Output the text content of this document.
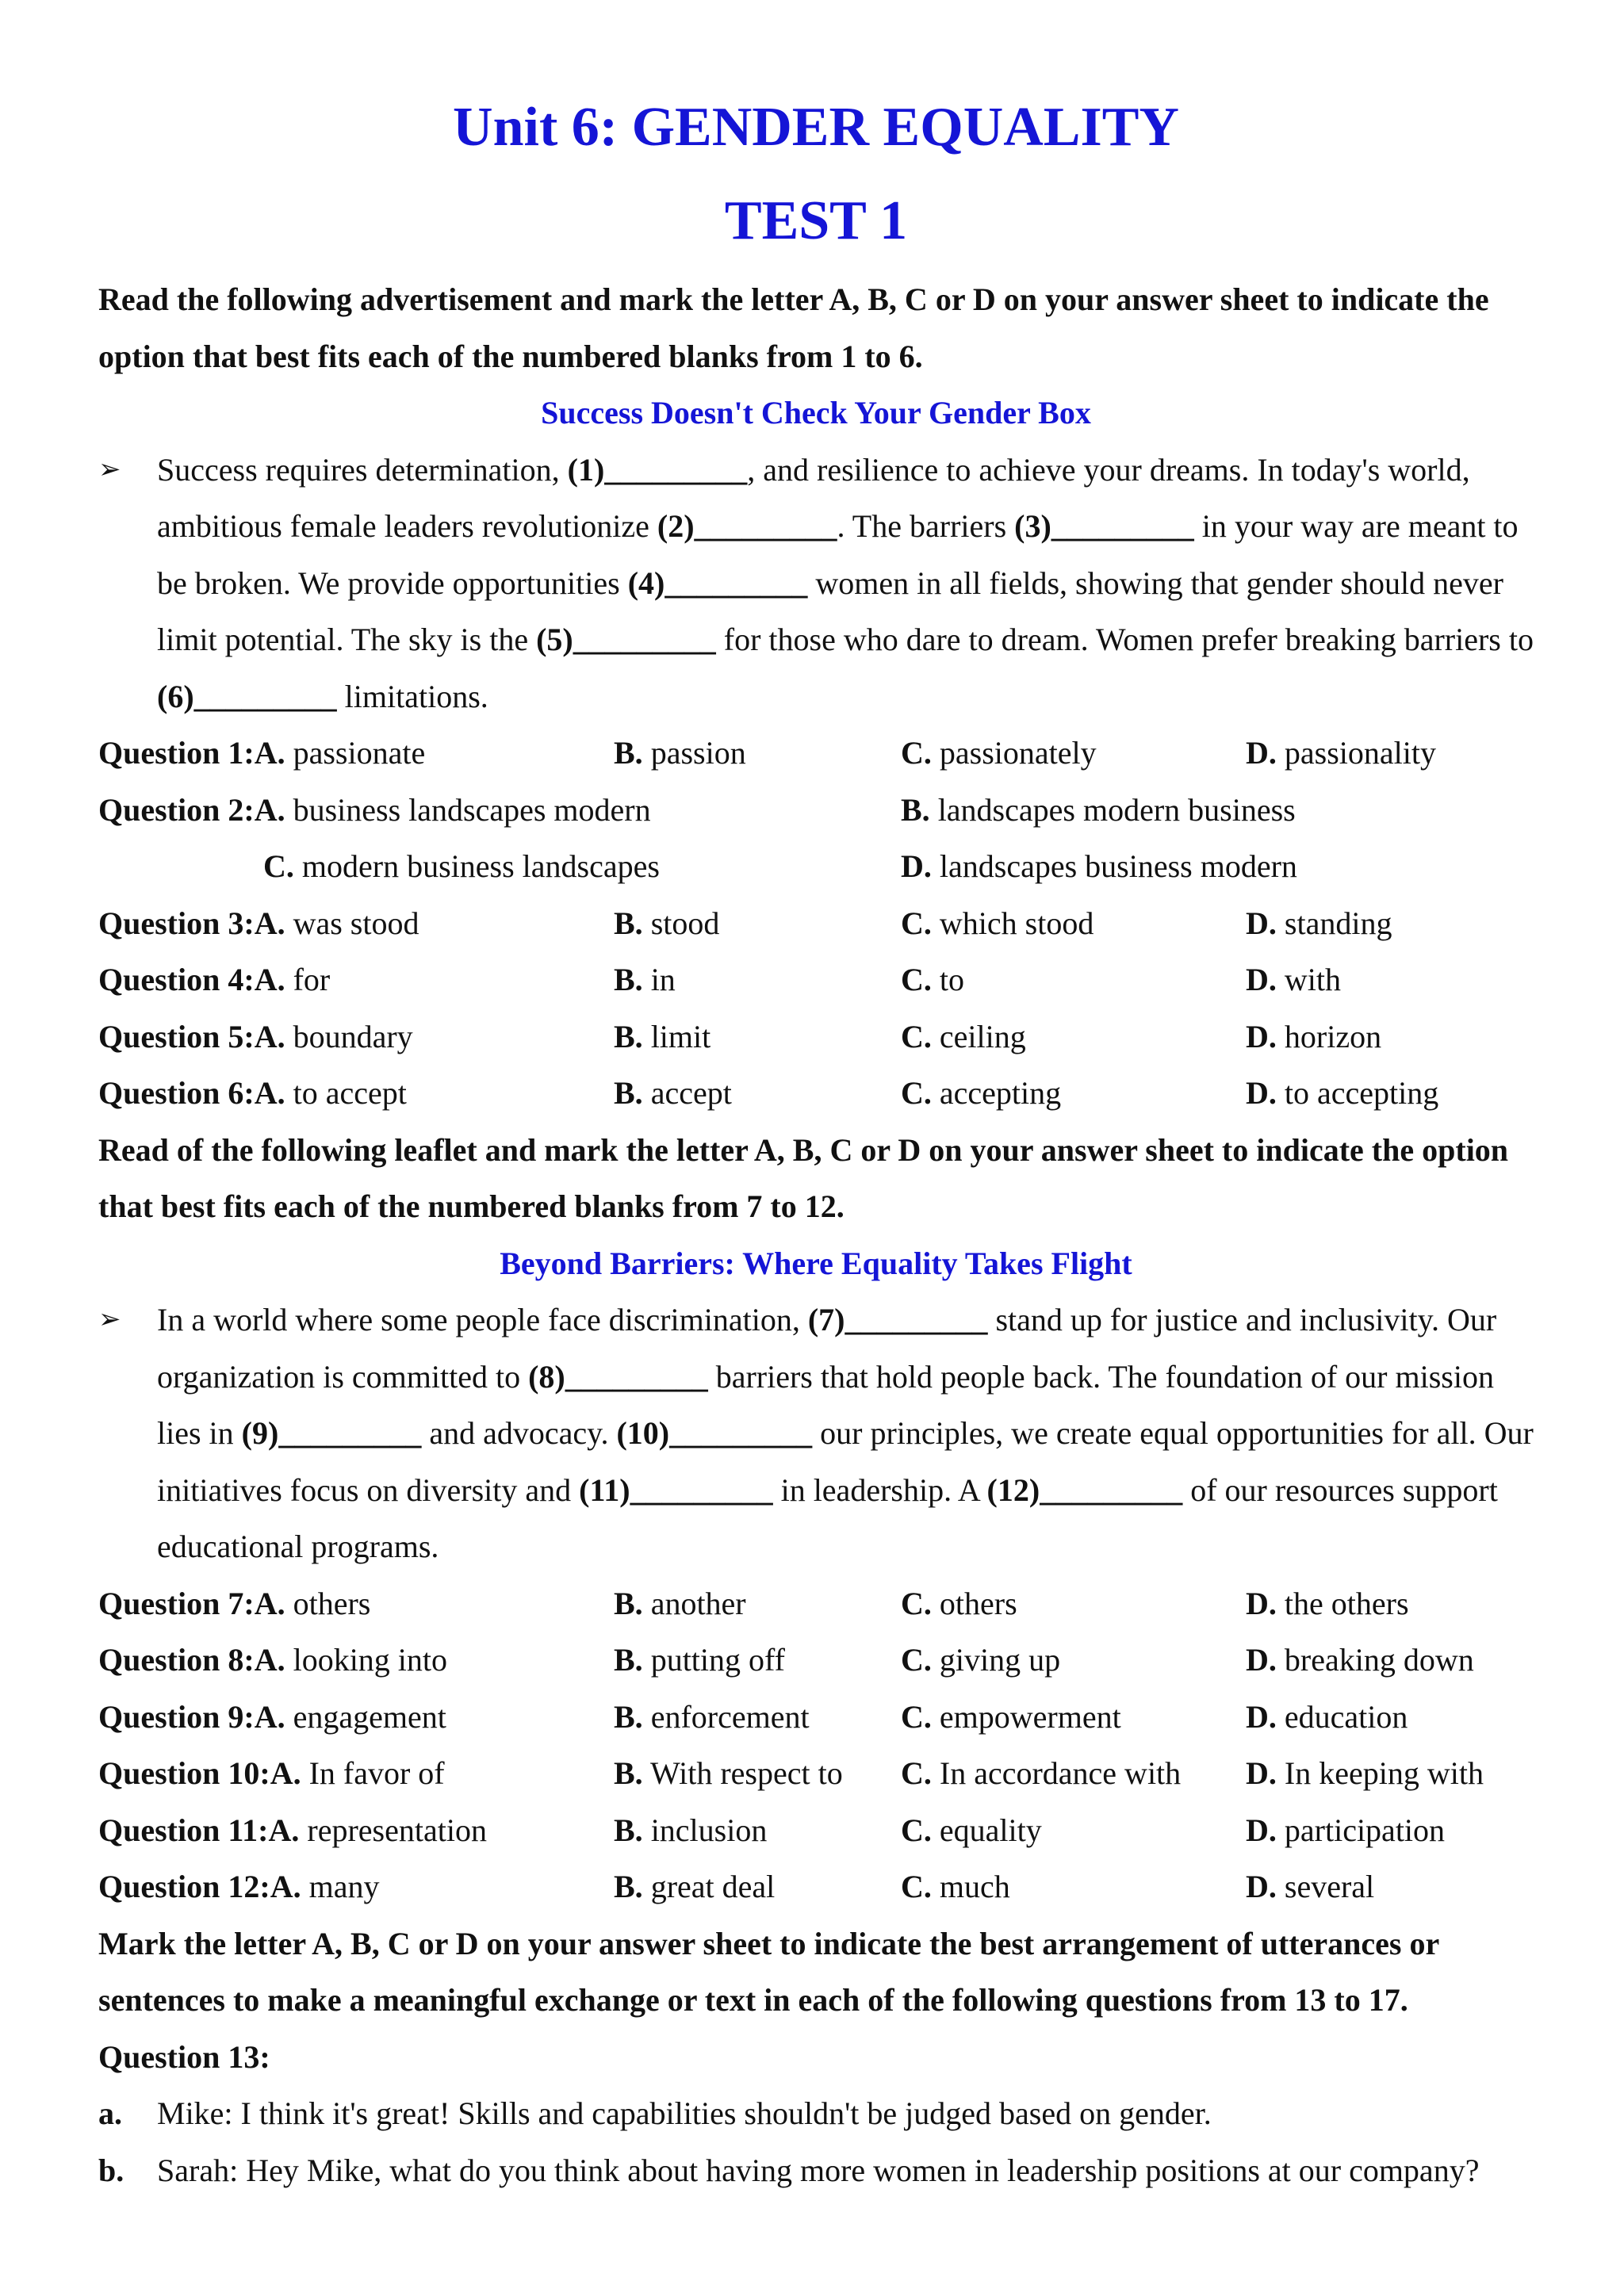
Unit 6: GENDER EQUALITY
TEST 1
Read the following advertisement and mark the letter A, B, C or D on your answer sheet to indicate the option that best fits each of the numbered blanks from 1 to 6.
Success Doesn't Check Your Gender Box
➢ Success requires determination, (1)_________, and resilience to achieve your dreams. In today's world, ambitious female leaders revolutionize (2)_________. The barriers (3)_________ in your way are meant to be broken. We provide opportunities (4)_________ women in all fields, showing that gender should never limit potential. The sky is the (5)_________ for those who dare to dream. Women prefer breaking barriers to (6)_________ limitations.
Question 1:A. passionate	B. passion	C. passionately	D. passionality
Question 2:A. business landscapes modern	B. landscapes modern business
C. modern business landscapes	D. landscapes business modern
Question 3:A. was stood	B. stood	C. which stood	D. standing
Question 4:A. for	B. in	C. to	D. with
Question 5:A. boundary	B. limit	C. ceiling	D. horizon
Question 6:A. to accept	B. accept	C. accepting	D. to accepting
Read of the following leaflet and mark the letter A, B, C or D on your answer sheet to indicate the option that best fits each of the numbered blanks from 7 to 12.
Beyond Barriers: Where Equality Takes Flight
➢ In a world where some people face discrimination, (7)_________ stand up for justice and inclusivity. Our organization is committed to (8)_________ barriers that hold people back. The foundation of our mission lies in (9)_________ and advocacy. (10)_________ our principles, we create equal opportunities for all. Our initiatives focus on diversity and (11)_________ in leadership. A (12)_________ of our resources support educational programs.
Question 7:A. others	B. another	C. others	D. the others
Question 8:A. looking into	B. putting off	C. giving up	D. breaking down
Question 9:A. engagement	B. enforcement	C. empowerment	D. education
Question 10:A. In favor of	B. With respect to C. In accordance with D. In keeping with
Question 11:A. representation	B. inclusion	C. equality	D. participation
Question 12:A. many	B. great deal	C. much	D. several
Mark the letter A, B, C or D on your answer sheet to indicate the best arrangement of utterances or sentences to make a meaningful exchange or text in each of the following questions from 13 to 17.
Question 13:
a. Mike: I think it's great! Skills and capabilities shouldn't be judged based on gender.
b. Sarah: Hey Mike, what do you think about having more women in leadership positions at our company?
